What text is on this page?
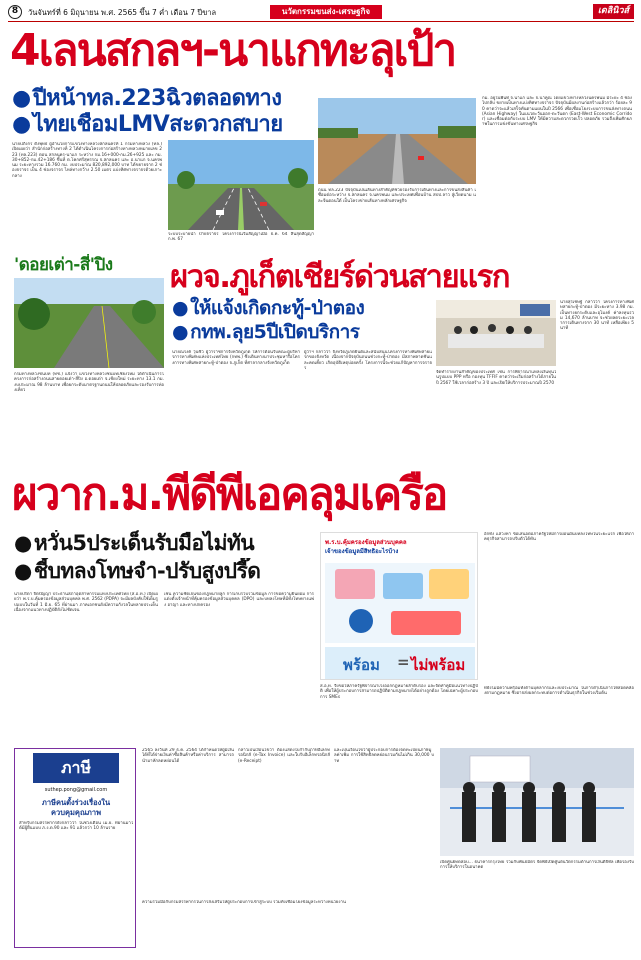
8	วันจันทร์ที่ 6 มิถุนายน พ.ศ. 2565 ขึ้น 7 ค่ำ เดือน 7 ปีขาล	นวัตกรรมขนส่ง-เศรษฐกิจ	เดลินิวส์
4เลนสกลฯ-นาแกทะลุเป้า
● ปีหน้าทล.223ฉิวตลอดทาง
● ไทยเชื่อมLMVสะดวกสบาย
นายปภังกร ตั้งพุทธ ผู้อำนวยการแขวงทางหลวงสกลนครที่ 1 กรมทางหลวง (ทล.) เปิดเผยว่า สำนักก่อสร้างทางที่ 2 ได้ดำเนินโครงการก่อสร้างทางหลวงหมายเลข 223 (ทล.223) ตอน สกลนคร-นาแก ระหว่าง กม.16+000-กม.26+925 และ กม.30+852-กม.42+186 ขึ้นที่ ต.โคกศรีสุพรรณ จ.สกลนคร และ อ.นาแก จ.นครพนม ระยะทางรวม 16.760 กม. งบประมาณ 820,892,000 บาท ได้ขยายจาก 2 ช่องจราจร เป็น 4 ช่องจราจร ไหล่ทางกว้าง 2.50 เมตร แบ่งทิศทางจราจรด้วยเกาะกลาง
ระบบระบายน้ำ ป้ายจราจร โครงการนี้เริ่มสัญญาเมื่อ ธ.ค. 64 สิ้นสุดสัญญา ก.พ. 67
ถนน ทล.223 ปัจจุบันเป็นเส้นทางสำคัญที่ช่วยรองรับการเดินทางและการขนส่งสินค้า เชื่อมต่อระหว่าง จ.สกลนคร จ.นครพนม และประเทศเพื่อนบ้าน สปป.ลาว สู่เวียดนาม และจีนตอนใต้ เป็นโครงข่ายเส้นทางหลักเศรษฐกิจ
กม. อยู่ในพื้นที่ จ.นาแก และ จ.นาคูณ โดยแขวงทางหลวงนครพนม มีระยะ 4 ช่องไปกลับ ขยายเป็นทางแบ่งทิศทางจราจร ปัจจุบันมีผลงานก่อสร้างแล้วกว่า ร้อยละ 90 คาดว่าจะแล้วเสร็จทันตามแผนในปี 2566 เพื่อเชื่อมโยงระบบการขนส่งทางถนน (Asian Highway) ในแนวตะวันออก-ตะวันตก (East-West Economic Corridor) และเชื่อมต่อกับระบบ LMV ให้มีความสะดวกรวดเร็ว ปลอดภัย รวมถึงเพิ่มศักยภาพในการแข่งขันทางเศรษฐกิจ
'ดอยเต่า-สี่'ปิง
กรมทางหลวงชนบท (ทช.) แจ้งว่า แขวงทางหลวงชนบทเชียงใหม่ ได้ดำเนินการโครงการก่อสร้างถนนสายดอยเต่า-สี่ปิง อ.ดอยเต่า จ.เชียงใหม่ ระยะทาง 13.1 กม. งบประมาณ 98 ล้านบาท เพื่อยกระดับมาตรฐานถนนให้ปลอดภัยและรองรับการท่องเที่ยว
ผวจ.ภูเก็ตเชียร์ด่วนสายแรก
● ให้แจ้งเกิดกะทู้-ป่าตอง
● กทพ.ลุย5ปีเปิดบริการ
นายสุรเชษฐ์ กล่าวว่า โครงการทางพิเศษสายกะทู้-ป่าตอง มีระยะทาง 3.98 กม. เป็นทางยกระดับและอุโมงค์ ค่าลงทุนรวม 14,670 ล้านบาท จะช่วยลดระยะเวลาการเดินทางจาก 30 นาที เหลือเพียง 5 นาที
นายณรงค์ วุ่นซิ้ว ผู้ว่าราชการจังหวัดภูเก็ต ให้การต้อนรับคณะผู้บริหารการทางพิเศษแห่งประเทศไทย (กทพ.) ซึ่งเดินทางมาประชุมหารือโครงการทางพิเศษสายกะทู้-ป่าตอง จ.ภูเก็ต ที่ศาลากลางจังหวัดภูเก็ต
ผู้ว่าฯ กล่าวว่า จังหวัดภูเก็ตยินดีและสนับสนุนโครงการทางพิเศษสายแรกของจังหวัด เนื่องจากปัจจุบันถนนช่วงกะทู้-ป่าตอง มีสภาพลาดชันและคดเคี้ยว เกิดอุบัติเหตุบ่อยครั้ง โครงการนี้จะช่วยแก้ปัญหาการจราจร
จัดทำรายงานสำคัญของประเทศ เช่น การพิจารณาแหล่งเงินทุนในรูปแบบ PPP หรือ กองทุน TFFIF คาดว่าจะเริ่มก่อสร้างได้ภายในปี 2567 ใช้เวลาก่อสร้าง 3 ปี และเปิดให้บริการประมาณปี 2570
ผวาก.ม.พีดีพีเอคลุมเครือ
● หวั่น5ประเด็นรับมือไม่ทัน
● ชี้บทลงโทษจำ-ปรับสูงปรี๊ด
นายปรีดา จิตปัญญา ประธานสภาอุตสาหกรรมแห่งประเทศไทย (ส.อ.ท.) เปิดเผยว่า พ.ร.บ.คุ้มครองข้อมูลส่วนบุคคล พ.ศ. 2562 (PDPA) จะมีผลบังคับใช้เต็มรูปแบบในวันที่ 1 มิ.ย. 65 ที่ผ่านมา ภาคเอกชนยังมีความกังวลในหลายประเด็น เนื่องจากแนวทางปฏิบัติยังไม่ชัดเจน
เช่น ความชัดเจนของกฎหมายลูก การเก็บรวบรวมข้อมูล การขอความยินยอม การแต่งตั้งเจ้าหน้าที่คุ้มครองข้อมูลส่วนบุคคล (DPO) และบทลงโทษที่มีทั้งโทษทางแพ่ง อาญา และทางปกครอง
พ.ร.บ.คุ้มครองข้อมูลส่วนบุคคล
เจ้าของข้อมูลมีสิทธิอะไรบ้าง
พร้อม = ไม่พร้อม
อีกทั้ง แสวงหา ข้อเสนอต่อภาครัฐให้มีการผ่อนผันบทลงโทษในระยะแรก เพื่อให้ภาคธุรกิจสามารถปรับตัวได้ทัน
ส.อ.ท. จึงขอให้ภาครัฐพิจารณาเร่งออกกฎหมายลำดับรอง และจัดทำคู่มือแนวทางปฏิบัติ เพื่อให้ผู้ประกอบการสามารถปฏิบัติตามกฎหมายได้อย่างถูกต้อง โดยเฉพาะผู้ประกอบการ SMEs
ที่ยังไม่มีความพร้อมทั้งด้านบุคลากรและงบประมาณ ในการดำเนินการให้สอดคล้องตามกฎหมาย ซึ่งอาจส่งผลกระทบต่อการดำเนินธุรกิจในช่วงเริ่มต้น
ภาษี
suthep.pong@gmail.com
ภาษีคนตั้งร่วงเรื่องใน
ควบคุมคุณภาพ
สำหรับกรมสรรพากรยังกล่าวว่า ในช่วงเดือน เม.ย. ที่ผ่านมาได้มีผู้ยื่นแบบ ภ.ง.ด.90 และ 91 แล้วกว่า 10 ล้านราย
2565 ลงวันที่ 29 ธ.ค. 2564 ได้กำหนดให้ผู้มีเงินได้ที่ได้จ่ายเงินค่าซื้อสินค้าหรือค่าบริการ สามารถนำมาหักลดหย่อนได้
กล่าวเป็นเงื่อนไขว่า ต้องแสดงใบกำกับภาษีอิเล็กทรอนิกส์ (e-Tax Invoice) และใบรับอิเล็กทรอนิกส์ (e-Receipt)
และเป็นเงื่อนไขว่าผู้ประกอบการต้องจดทะเบียนภาษีมูลค่าเพิ่ม การใช้สิทธิลดหย่อนรวมกันไม่เกิน 30,000 บาท
เปิดศูนย์ทดสอบ... ธนาคารกรุงไทย ร่วมกับพันธมิตร จัดพิธีเปิดศูนย์นวัตกรรมด้านการเงินดิจิทัล เพื่อรองรับการให้บริการในอนาคต
ความร่วมมือกับกรมสรรพากรในการส่งเสริมให้ผู้ประกอบการเข้าสู่ระบบ รวมทั้งเชื่อมโยงข้อมูลระหว่างหน่วยงาน
